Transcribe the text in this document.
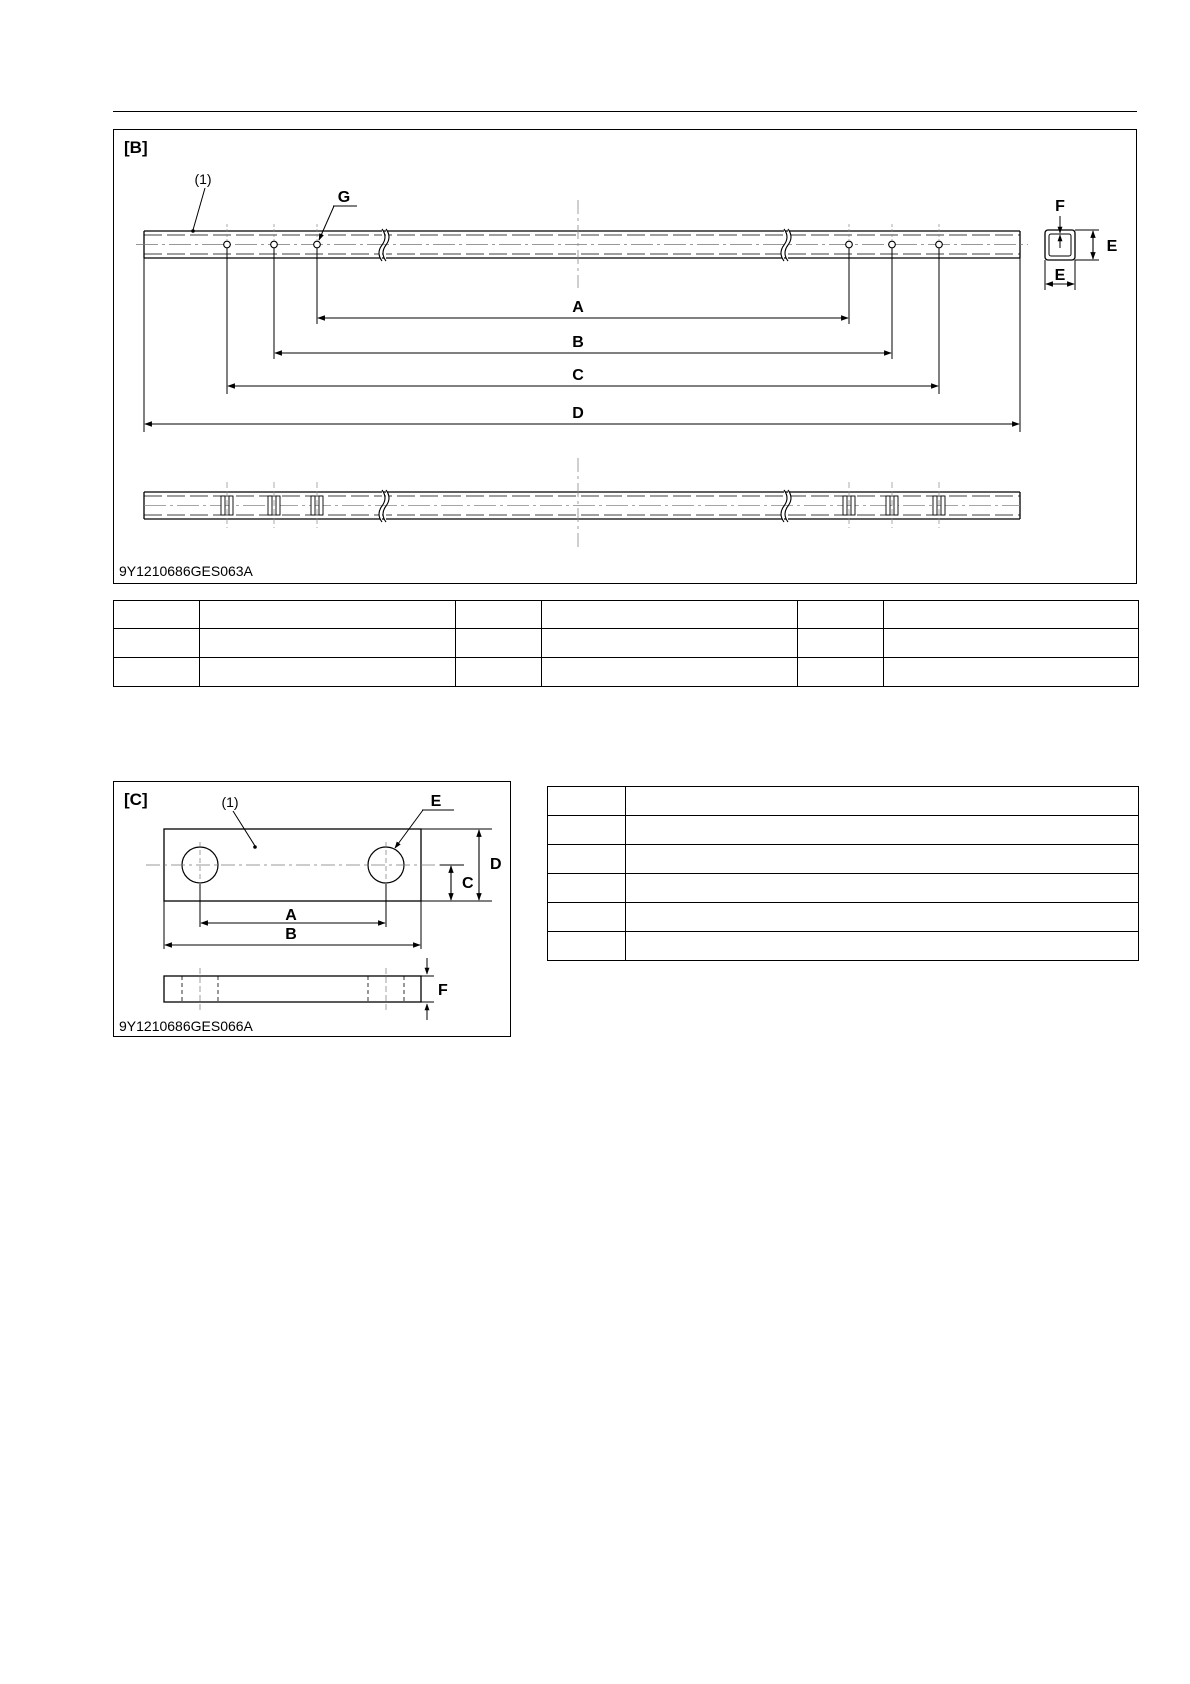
[B]
9Y1210686GES063A
A
B
C
D
(1)
G
F
E
E

[C]
9Y1210686GES066A
A
B
C
D
(1)	E
F
